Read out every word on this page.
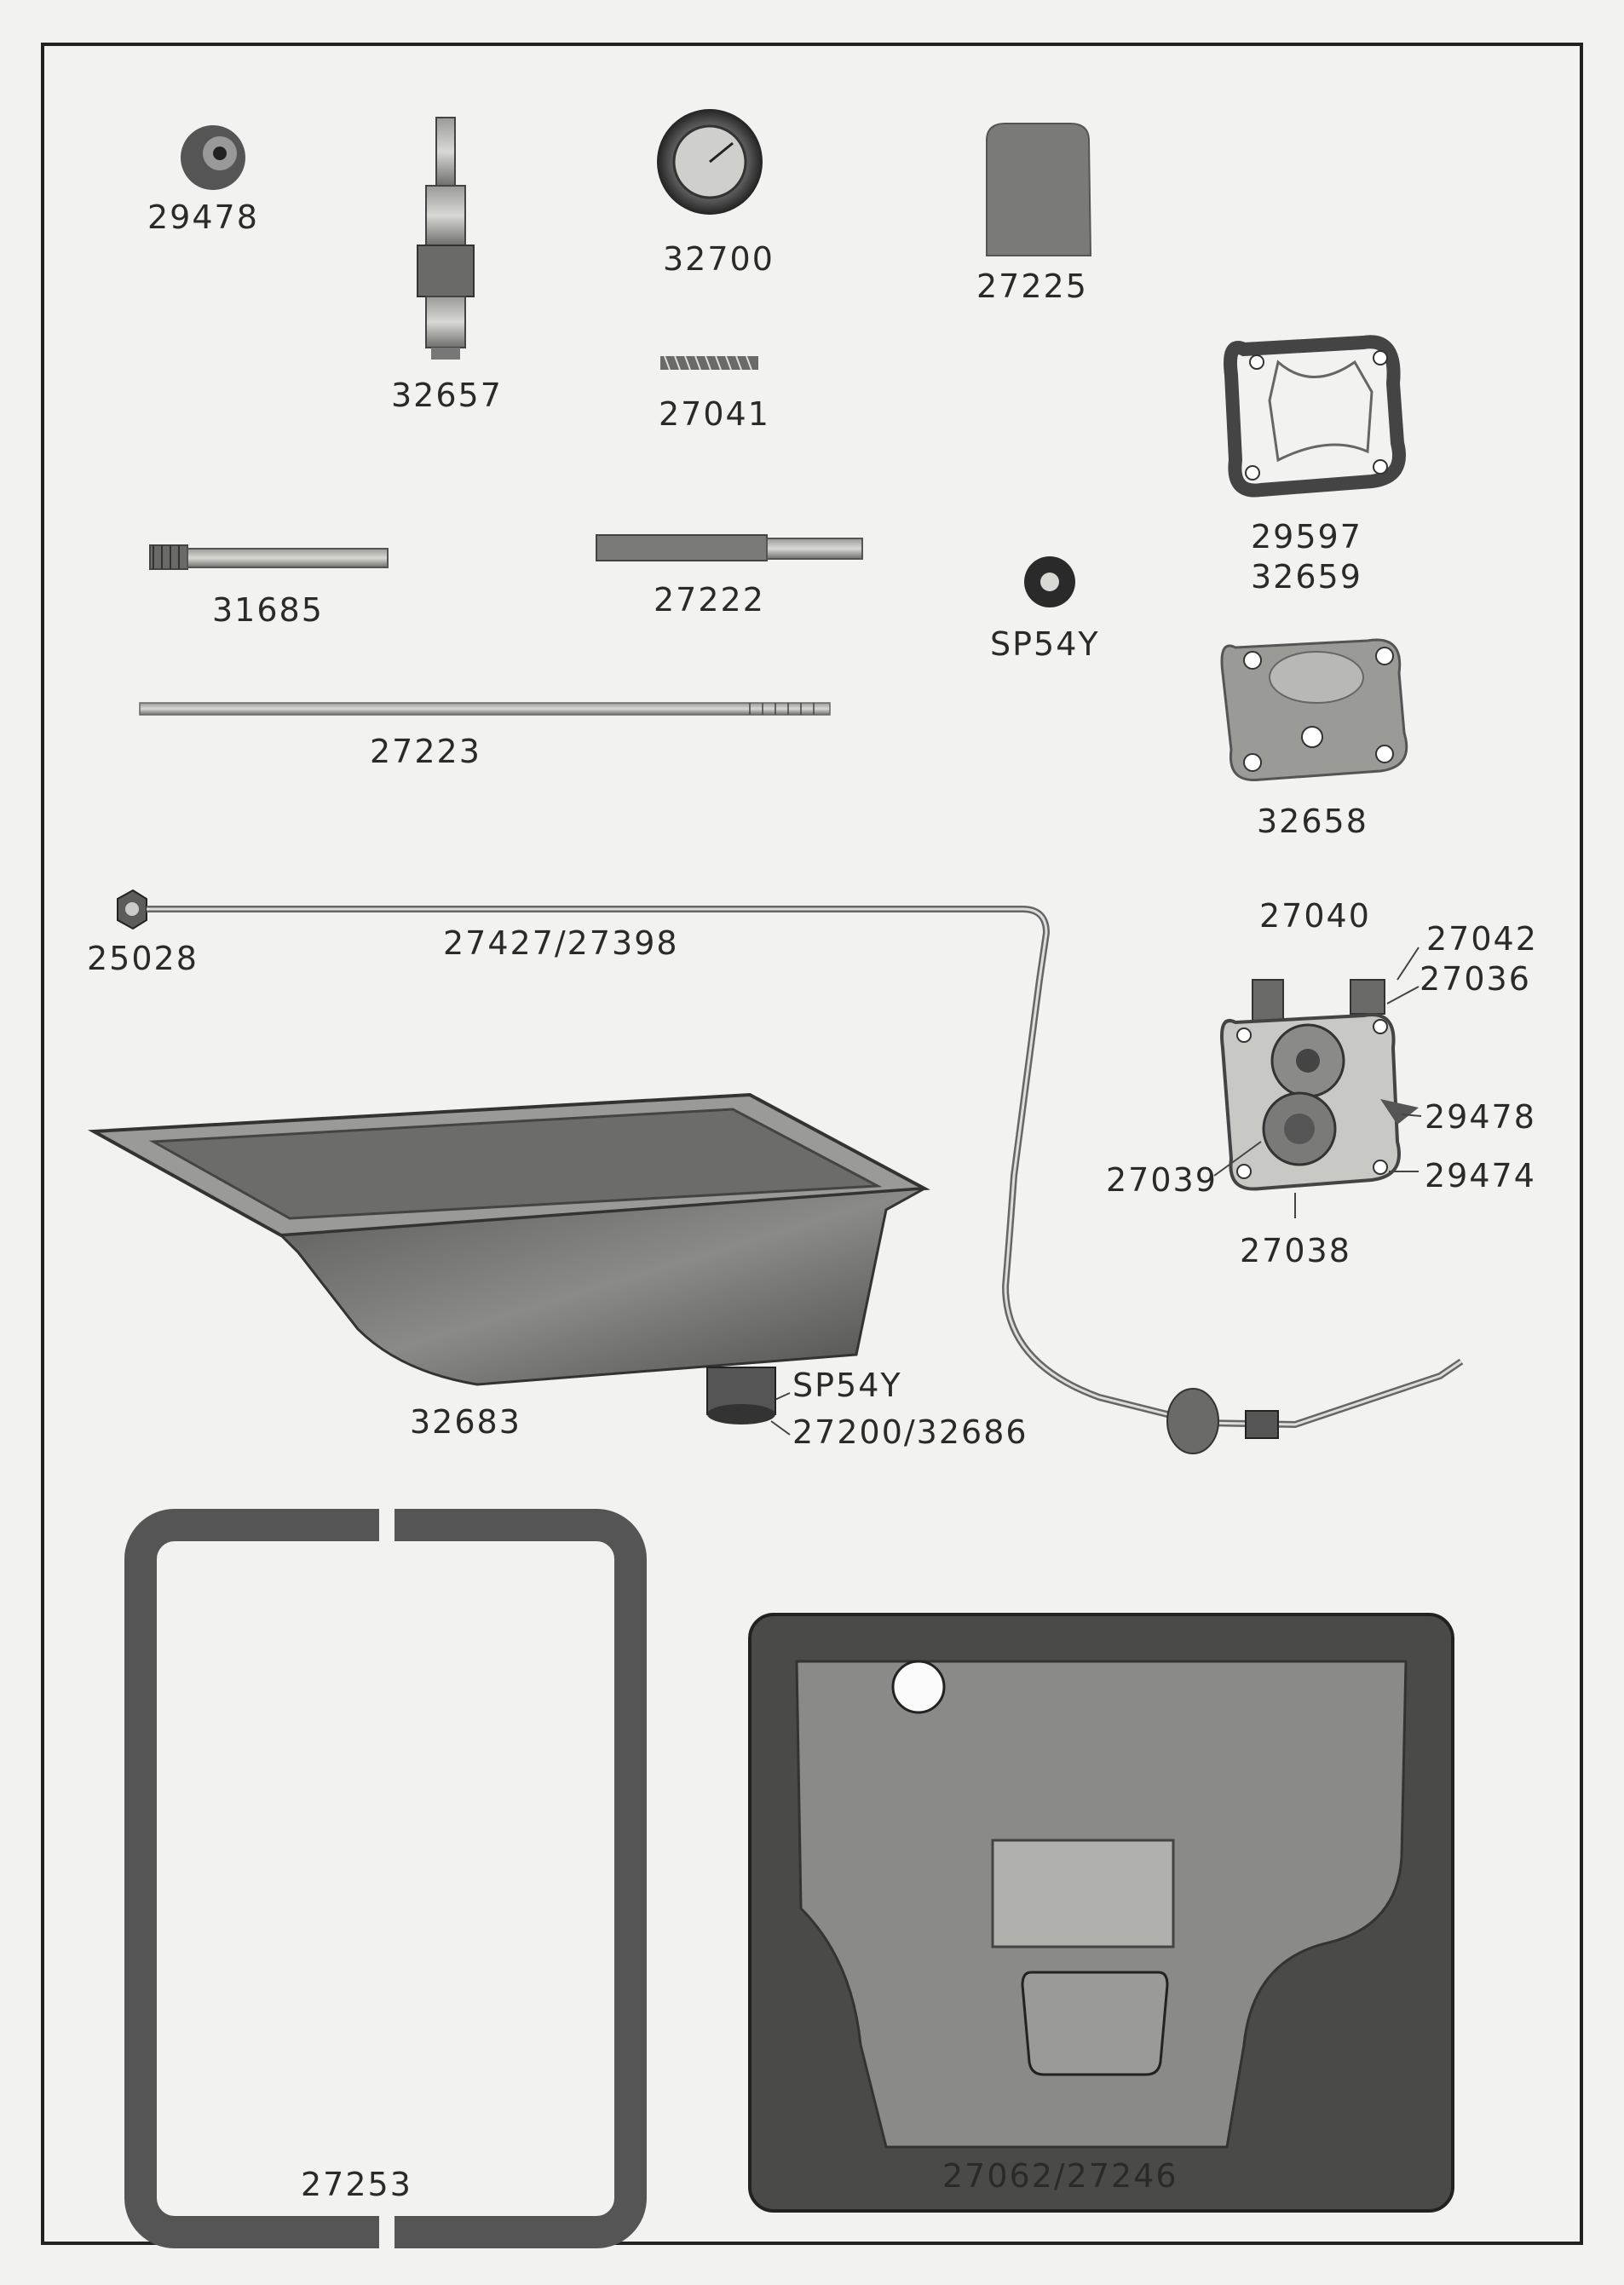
29478
32657
32700
27041
27225
29597
32659
31685	27222
SP54Y
27223
32658
25028	27427/27398
27040
27042
27036
29478
27039	29474
27038
32683
SP54Y
27200/32686
27253	27062/27246
